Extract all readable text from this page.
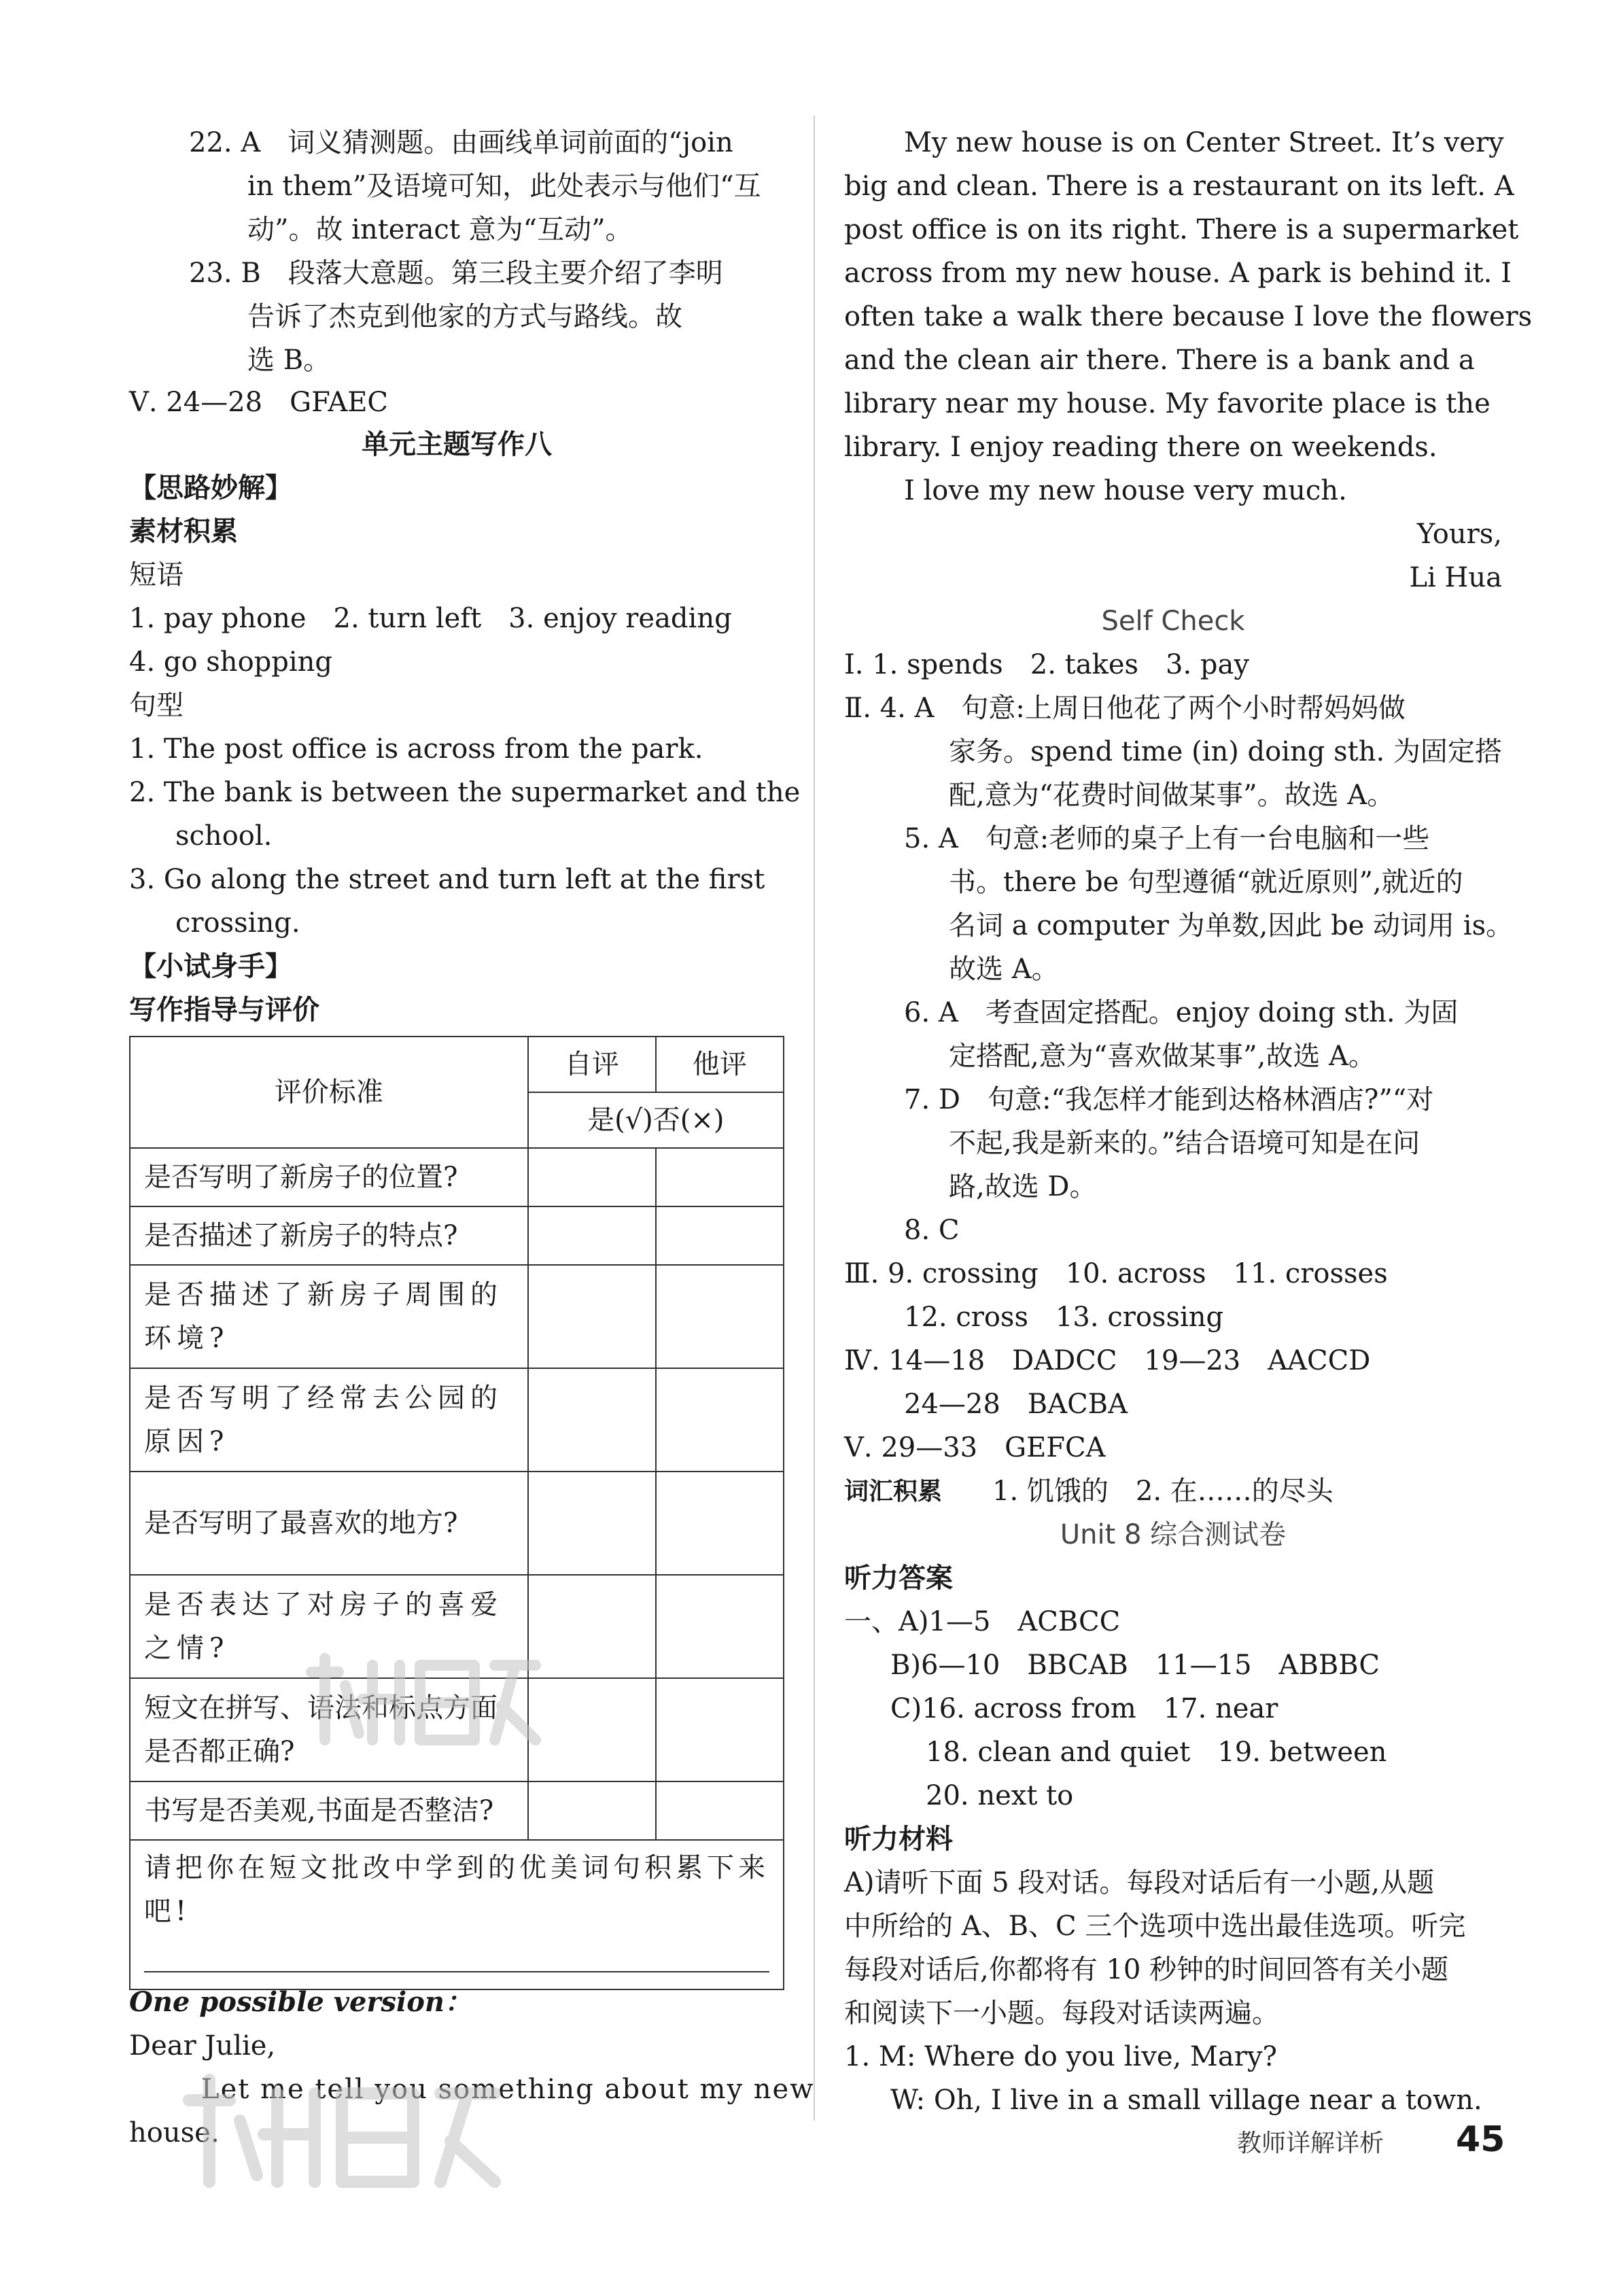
22. A　词义猜测题。由画线单词前面的“join
in them”及语境可知，此处表示与他们“互
动”。故 interact 意为“互动”。
23. B　段落大意题。第三段主要介绍了李明
告诉了杰克到他家的方式与路线。故
选 B。
Ⅴ. 24—28　GFAEC
单元主题写作八
【思路妙解】
素材积累
短语
1. pay phone　2. turn left　3. enjoy reading
4. go shopping
句型
1. The post office is across from the park.
2. The bank is between the supermarket and the
school.
3. Go along the street and turn left at the first
crossing.
【小试身手】
写作指导与评价
评价标准	自评	他评
	是(√)否(×)	
是否写明了新房子的位置?		
是否描述了新房子的特点?		
是否描述了新房子周围的环境?		
是否写明了经常去公园的原因?		
是否写明了最喜欢的地方?		
是否表达了对房子的喜爱之情?		
短文在拼写、语法和标点方面是否都正确?		
书写是否美观,书面是否整洁?		

请把你在短文批改中学到的优美词句积累下来吧!		
One possible version：
Dear Julie,
Let me tell you something about my new
house.
My new house is on Center Street. It’s very
big and clean. There is a restaurant on its left. A
post office is on its right. There is a supermarket
across from my new house. A park is behind it. I
often take a walk there because I love the flowers
and the clean air there. There is a bank and a
library near my house. My favorite place is the
library. I enjoy reading there on weekends.
I love my new house very much.
Yours,
Li Hua
Self Check
Ⅰ. 1. spends　2. takes　3. pay
Ⅱ. 4. A　句意:上周日他花了两个小时帮妈妈做
家务。spend time (in) doing sth. 为固定搭
配,意为“花费时间做某事”。故选 A。
5. A　句意:老师的桌子上有一台电脑和一些
书。there be 句型遵循“就近原则”,就近的
名词 a computer 为单数,因此 be 动词用 is。
故选 A。
6. A　考查固定搭配。enjoy doing sth. 为固
定搭配,意为“喜欢做某事”,故选 A。
7. D　句意:“我怎样才能到达格林酒店?”“对
不起,我是新来的。”结合语境可知是在问
路,故选 D。
8. C
Ⅲ. 9. crossing　10. across　11. crosses
12. cross　13. crossing
Ⅳ. 14—18　DADCC　19—23　AACCD
24—28　BACBA
Ⅴ. 29—33　GEFCA
词汇积累 1. 饥饿的　2. 在……的尽头
Unit 8 综合测试卷
听力答案
一、A)1—5　ACBCC
B)6—10　BBCAB　11—15　ABBBC
C)16. across from　17. near
18. clean and quiet　19. between
20. next to
听力材料
A)请听下面 5 段对话。每段对话后有一小题,从题
中所给的 A、B、C 三个选项中选出最佳选项。听完
每段对话后,你都将有 10 秒钟的时间回答有关小题
和阅读下一小题。每段对话读两遍。
1. M: Where do you live, Mary?
W: Oh, I live in a small village near a town.
教师详解详析 45
